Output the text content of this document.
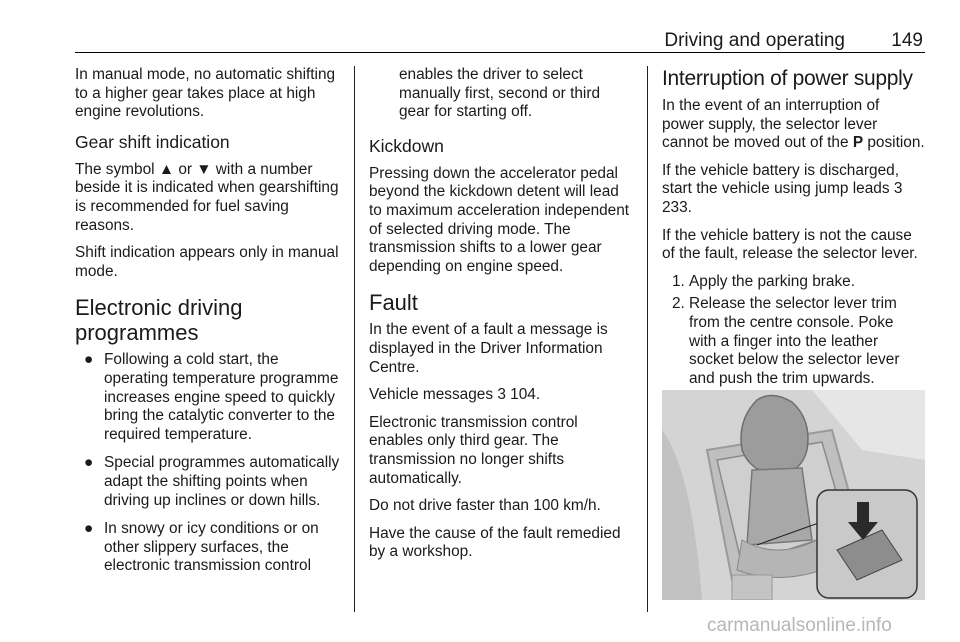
Driving and operating 149

In manual mode, no automatic shifting to a higher gear takes place at high engine revolutions.

Gear shift indication

The symbol ▲ or ▼ with a number beside it is indicated when gearshifting is recommended for fuel saving reasons.

Shift indication appears only in manual mode.

Electronic driving programmes
● Following a cold start, the operating temperature programme increases engine speed to quickly bring the catalytic converter to the required temperature.
● Special programmes automatically adapt the shifting points when driving up inclines or down hills.
● In snowy or icy conditions or on other slippery surfaces, the electronic transmission control

enables the driver to select manually first, second or third gear for starting off.

Kickdown

Pressing down the accelerator pedal beyond the kickdown detent will lead to maximum acceleration independent of selected driving mode. The transmission shifts to a lower gear depending on engine speed.

Fault

In the event of a fault a message is displayed in the Driver Information Centre.

Vehicle messages 3 104.

Electronic transmission control enables only third gear. The transmission no longer shifts automatically.

Do not drive faster than 100 km/h.

Have the cause of the fault remedied by a workshop.

Interruption of power supply

In the event of an interruption of power supply, the selector lever cannot be moved out of the P position.

If the vehicle battery is discharged, start the vehicle using jump leads 3 233.

If the vehicle battery is not the cause of the fault, release the selector lever.

1. Apply the parking brake.
2. Release the selector lever trim from the centre console. Poke with a finger into the leather socket below the selector lever and push the trim upwards.
carmanualsonline.info
